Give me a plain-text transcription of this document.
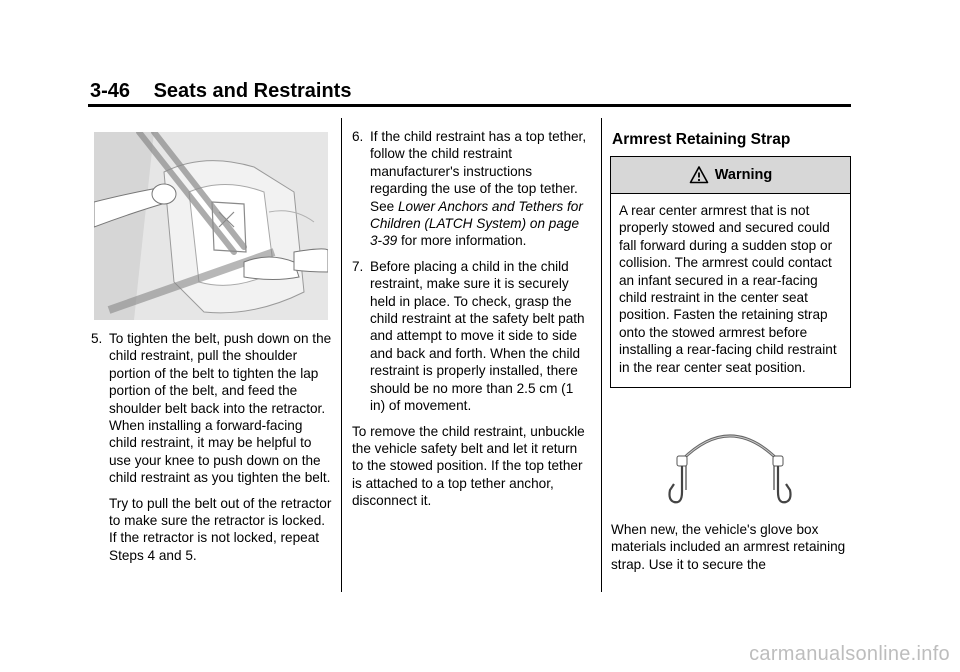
3-46 Seats and Restraints

5. To tighten the belt, push down on the child restraint, pull the shoulder portion of the belt to tighten the lap portion of the belt, and feed the shoulder belt back into the retractor. When installing a forward-facing child restraint, it may be helpful to use your knee to push down on the child restraint as you tighten the belt.

Try to pull the belt out of the retractor to make sure the retractor is locked. If the retractor is not locked, repeat Steps 4 and 5.

6. If the child restraint has a top tether, follow the child restraint manufacturer's instructions regarding the use of the top tether. See Lower Anchors and Tethers for Children (LATCH System) on page 3-39 for more information.

7. Before placing a child in the child restraint, make sure it is securely held in place. To check, grasp the child restraint at the safety belt path and attempt to move it side to side and back and forth. When the child restraint is properly installed, there should be no more than 2.5 cm (1 in) of movement.

To remove the child restraint, unbuckle the vehicle safety belt and let it return to the stowed position. If the top tether is attached to a top tether anchor, disconnect it.

Armrest Retaining Strap
Warning
A rear center armrest that is not properly stowed and secured could fall forward during a sudden stop or collision. The armrest could contact an infant secured in a rear-facing child restraint in the center seat position. Fasten the retaining strap onto the stowed armrest before installing a rear-facing child restraint in the rear center seat position.
When new, the vehicle's glove box materials included an armrest retaining strap. Use it to secure the
carmanualsonline.info
